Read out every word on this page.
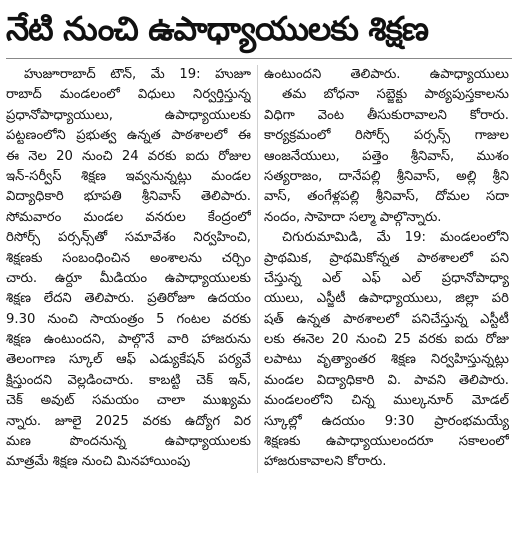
నేటి నుంచి ఉపాధ్యాయులకు శిక్షణ
హుజూరాబాద్ టౌన్, మే 19: హుజూ
రాబాద్ మండలంలో విధులు నిర్వర్తిస్తున్న
ప్రధానోపాధ్యాయులు, ఉపాధ్యాయులకు
పట్టణంలోని ప్రభుత్వ ఉన్నత పాఠశాలలో ఈ
ఈ నెల 20 నుంచి 24 వరకు ఐదు రోజుల
ఇన్-సర్వీస్ శిక్షణ ఇవ్వనున్నట్లు మండల
విద్యాధికారి భూపతి శ్రీనివాస్ తెలిపారు.
సోమవారం మండల వనరుల కేంద్రంలో
రిసోర్స్ పర్సన్స్‌తో సమావేశం నిర్వహించి,
శిక్షణకు సంబంధించిన అంశాలను చర్చిం
చారు. ఉర్దూ మీడియం ఉపాధ్యాయులకు
శిక్షణ లేదని తెలిపారు. ప్రతిరోజూ ఉదయం
9.30 నుంచి సాయంత్రం 5 గంటల వరకు
శిక్షణ ఉంటుందని, పాల్గొనే వారి హాజరును
తెలంగాణ స్కూల్ ఆఫ్ ఎడ్యుకేషన్ పర్యవే
క్షిస్తుందని వెల్లడించారు. కాబట్టి చెక్ ఇన్,
చెక్ అవుట్ సమయం చాలా ముఖ్యమ
న్నారు. జూలై 2025 వరకు ఉద్యోగ విర
మణ పొందనున్న ఉపాధ్యాయులకు
మాత్రమే శిక్షణ నుంచి మినహాయింపు
ఉంటుందని తెలిపారు. ఉపాధ్యాయులు
తమ బోధనా సబ్జెక్టు పాఠ్యపుస్తకాలను
విధిగా వెంట తీసుకురావాలని కోరారు.
కార్యక్రమంలో రిసోర్స్ పర్సన్స్ గాజుల
ఆంజనేయులు, పత్తెం శ్రీనివాస్, ముశం
సత్యరాజం, దానేపల్లి శ్రీనివాస్, అల్లి శ్రీని
వాస్, తంగేళ్లపల్లి శ్రీనివాస్, దోమల సదా
నందం, సాహెదా సల్మా పాల్గొన్నారు.
చిగురుమామిడి, మే 19: మండలంలోని
ప్రాథమిక, ప్రాథమికోన్నత పాఠశాలలో పని
చేస్తున్న ఎల్ ఎఫ్ ఎల్ ప్రధానోపాధ్యా
యులు, ఎస్జీటీ ఉపాధ్యాయులు, జిల్లా పరి
షత్ ఉన్నత పాఠశాలలో పనిచేస్తున్న ఎస్టీటీ
లకు ఈనెల 20 నుంచి 25 వరకు ఐదు రోజు
లపాటు వృత్యాంతర శిక్షణ నిర్వహిస్తున్నట్లు
మండల విద్యాధికారి వి. పావని తెలిపారు.
మండలంలోని చిన్న ముల్కనూర్ మోడల్
స్కూల్లో ఉదయం 9:30 ప్రారంభమయ్యే
శిక్షణకు ఉపాధ్యాయులందరూ సకాలంలో
హాజరుకావాలని కోరారు.
